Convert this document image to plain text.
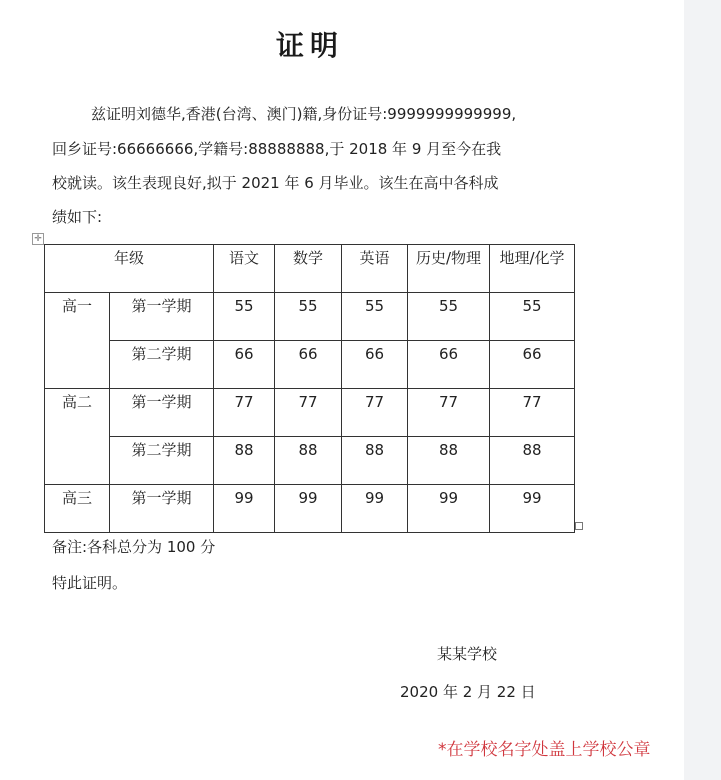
证明
兹证明刘德华,香港(台湾、澳门)籍,身份证号:9999999999999,
回乡证号:66666666,学籍号:88888888,于 2018 年 9 月至今在我
校就读。该生表现良好,拟于 2021 年 6 月毕业。该生在高中各科成
绩如下:
✛
年级		语文	数学	英语	历史/物理	地理/化学
高一	第一学期	55	55	55	55	55
	第二学期	66	66	66	66	66
高二	第一学期	77	77	77	77	77
	第二学期	88	88	88	88	88
高三	第一学期	99	99	99	99	99
备注:各科总分为 100 分
特此证明。
某某学校
2020 年 2 月 22 日
*在学校名字处盖上学校公章
